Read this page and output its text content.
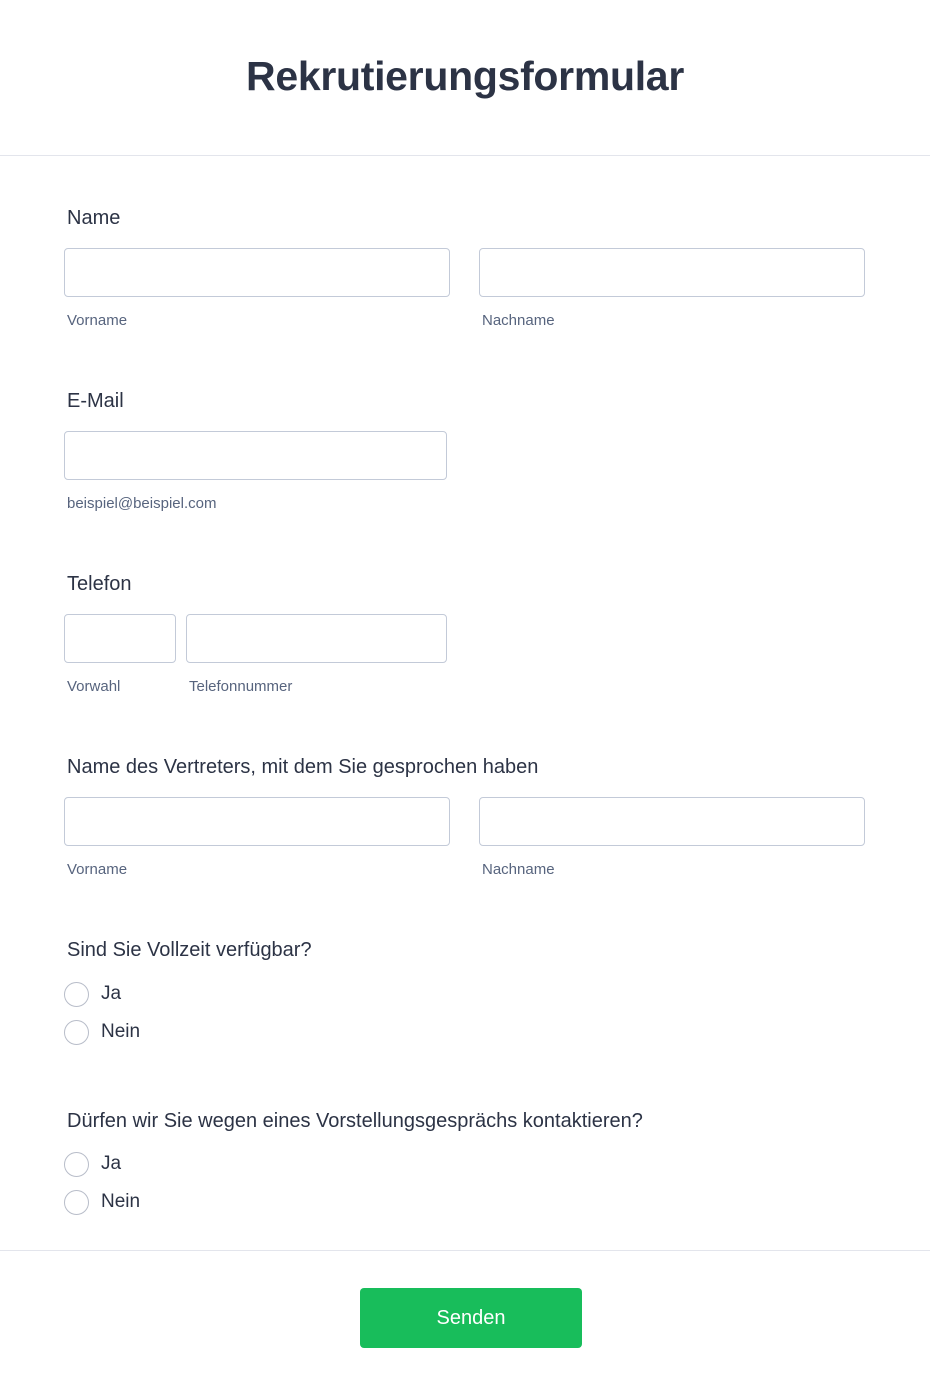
Rekrutierungsformular
Name
Vorname	Nachname
E-Mail
beispiel@beispiel.com
Telefon
Vorwahl	Telefonnummer
Name des Vertreters, mit dem Sie gesprochen haben
Vorname	Nachname
Sind Sie Vollzeit verfügbar?
Ja
Nein
Dürfen wir Sie wegen eines Vorstellungsgesprächs kontaktieren?
Ja
Nein
Senden
